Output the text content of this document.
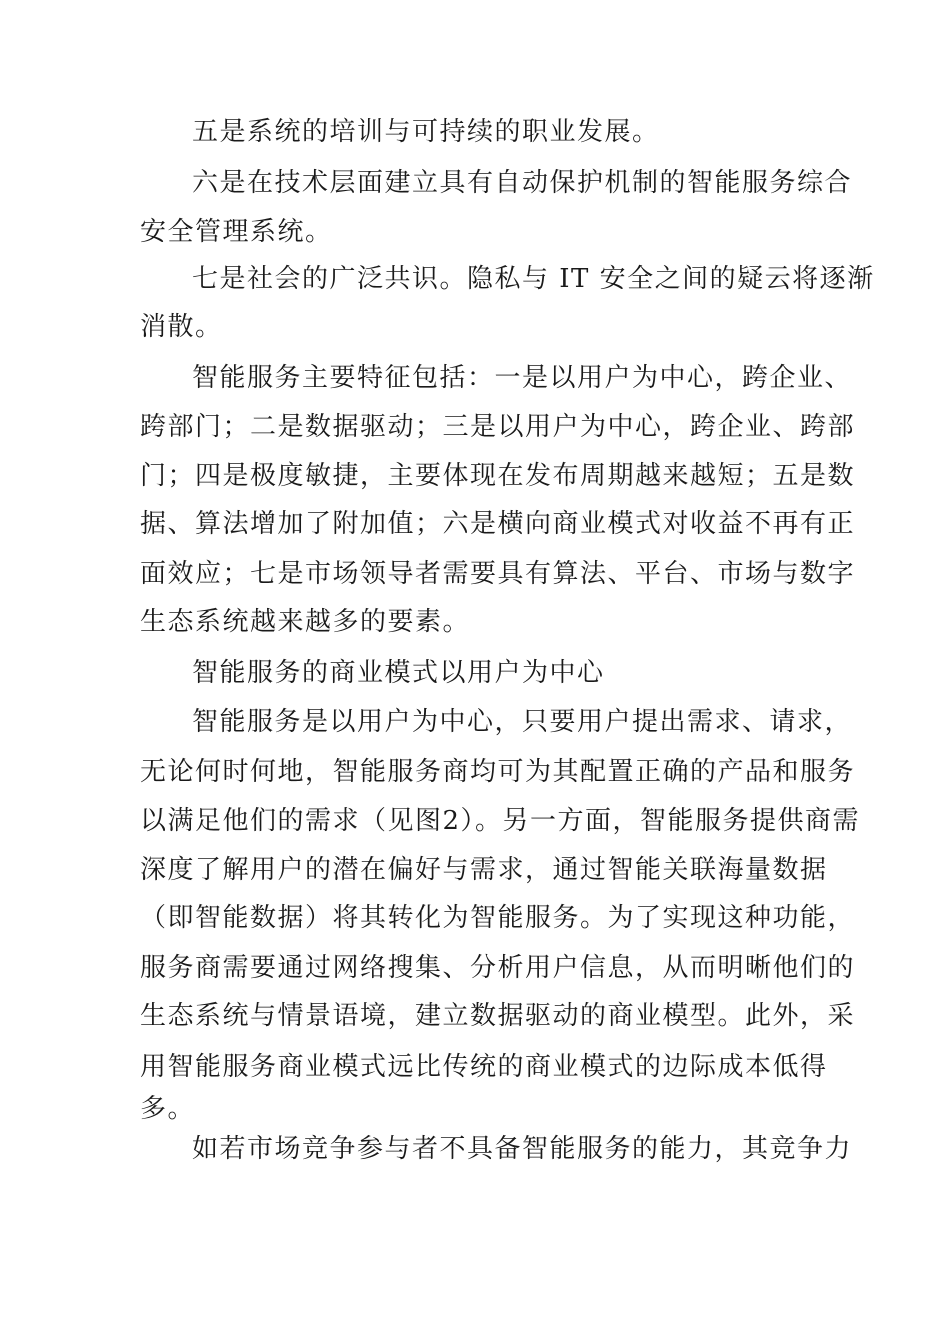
五是系统的培训与可持续的职业发展。
六是在技术层面建立具有自动保护机制的智能服务综合
安全管理系统。
七是社会的广泛共识。隐私与 IT 安全之间的疑云将逐渐
消散。
智能服务主要特征包括：一是以用户为中心，跨企业、
跨部门；二是数据驱动；三是以用户为中心，跨企业、跨部
门；四是极度敏捷，主要体现在发布周期越来越短；五是数
据、算法增加了附加值；六是横向商业模式对收益不再有正
面效应；七是市场领导者需要具有算法、平台、市场与数字
生态系统越来越多的要素。
智能服务的商业模式以用户为中心
智能服务是以用户为中心，只要用户提出需求、请求，
无论何时何地，智能服务商均可为其配置正确的产品和服务
以满足他们的需求（见图2）。另一方面，智能服务提供商需
深度了解用户的潜在偏好与需求，通过智能关联海量数据
（即智能数据）将其转化为智能服务。为了实现这种功能，
服务商需要通过网络搜集、分析用户信息，从而明晰他们的
生态系统与情景语境，建立数据驱动的商业模型。此外，采
用智能服务商业模式远比传统的商业模式的边际成本低得
多。
如若市场竞争参与者不具备智能服务的能力，其竞争力
